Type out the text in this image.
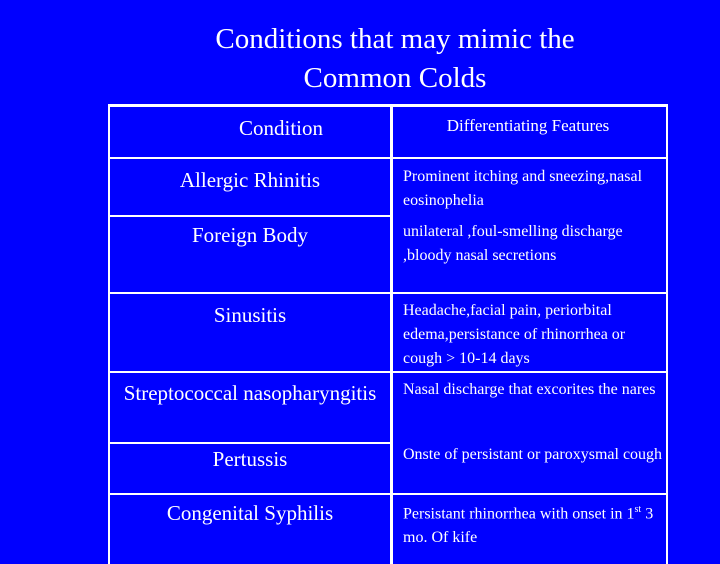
Conditions that may mimic the
Common Colds
Condition	Differentiating Features
Allergic Rhinitis	Prominent itching and sneezing,nasal eosinophelia
Foreign Body	unilateral ,foul-smelling discharge ,bloody nasal secretions
Sinusitis	Headache,facial pain, periorbital edema,persistance of rhinorrhea or cough > 10-14 days
Streptococcal nasopharyngitis	Nasal discharge that excorites the nares
Pertussis	Onste of persistant or paroxysmal cough
Congenital Syphilis	Persistant rhinorrhea with onset in 1st 3 mo. Of kife
